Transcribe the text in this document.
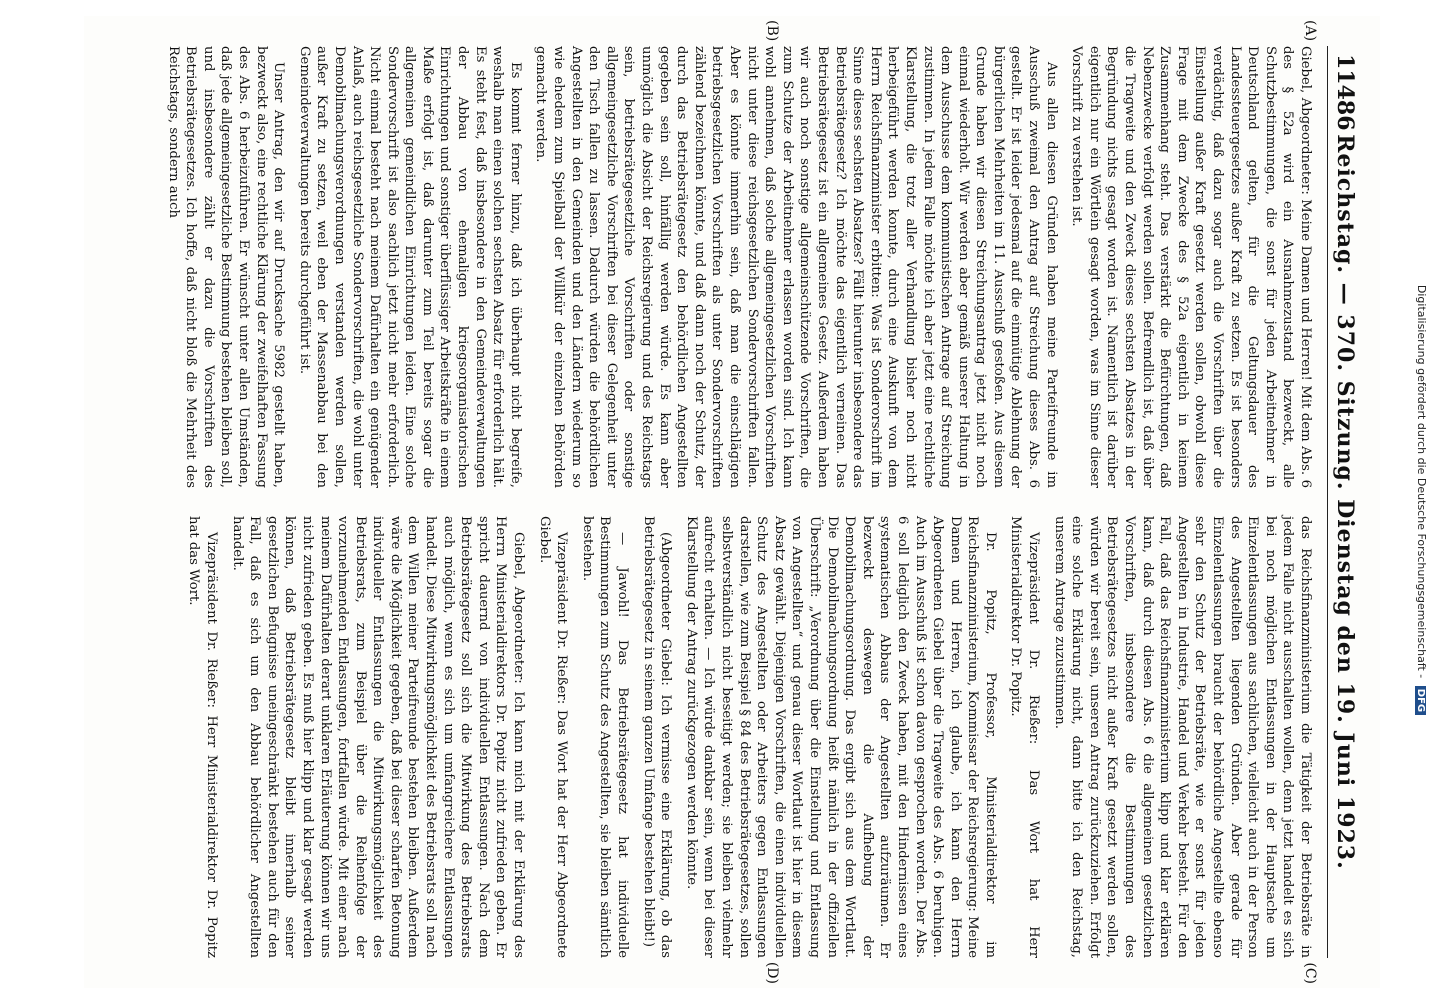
11486
Reichstag. — 370. Sitzung. Dienstag den 19. Juni 1923.
(A)
(B)
(C)
(D)

Giebel, Abgeordneter: Meine Damen und Herren! Mit dem Abs. 6 des § 52a wird ein Ausnahmezustand bezweckt, alle Schutzbestimmungen, die sonst für jeden Arbeitnehmer in Deutschland gelten, für die Geltungsdauer des Landessteuergesetzes außer Kraft zu setzen. Es ist besonders verdächtig, daß dazu sogar auch die Vorschriften über die Einstellung außer Kraft gesetzt werden sollen, obwohl diese Frage mit dem Zwecke des § 52a eigentlich in keinem Zusammenhang steht. Das verstärkt die Befürchtungen, daß Nebenzwecke verfolgt werden sollen. Befremdlich ist, daß über die Tragweite und den Zweck dieses sechsten Absatzes in der Begründung nichts gesagt worden ist. Namentlich ist darüber eigentlich nur ein Wörtlein gesagt worden, was im Sinne dieser Vorschrift zu verstehen ist.

Aus allen diesen Gründen haben meine Parteifreunde im Ausschuß zweimal den Antrag auf Streichung dieses Abs. 6 gestellt. Er ist leider jedesmal auf die einmütige Ablehnung der bürgerlichen Mehrheiten im 11. Ausschuß gestoßen. Aus diesem Grunde haben wir diesen Streichungsantrag jetzt nicht noch einmal wiederholt. Wir werden aber gemäß unserer Haltung in dem Ausschusse dem kommunistischen Antrage auf Streichung zustimmen. In jedem Falle möchte ich aber jetzt eine rechtliche Klarstellung, die trotz aller Verhandlung bisher noch nicht herbeigeführt werden konnte, durch eine Auskunft von dem Herrn Reichsfinanzminister erbitten: Was ist Sonderorschrift im Sinne dieses sechsten Absatzes? Fällt hierunter insbesondere das Betriebsrätegesetz? Ich möchte das eigentlich verneinen. Das Betriebsrätegesetz ist ein allgemeines Gesetz. Außerdem haben wir auch noch sonstige allgemeinschützende Vorschriften, die zum Schutze der Arbeitnehmer erlassen worden sind. Ich kann wohl annehmen, daß solche allgemeingesetzlichen Vorschriften nicht unter diese reichsgesetzlichen Sondervorschriften fallen. Aber es könnte immerhin sein, daß man die einschlägigen betriebsgesetzlichen Vorschriften als unter Sondervorschriften zählend bezeichnen könnte, und daß dann noch der Schutz, der durch das Betriebsrätegesetz den behördlichen Angestellten gegeben sein soll, hinfällig werden würde. Es kann aber unmöglich die Absicht der Reichsregierung und des Reichstags sein, betriebsrätegesetzliche Vorschriften oder sonstige allgemeingesetzliche Vorschriften bei dieser Gelegenheit unter den Tisch fallen zu lassen. Dadurch würden die behördlichen Angestellten in den Gemeinden und den Ländern wiederum so wie ehedem zum Spielball der Willkür der einzelnen Behörden gemacht werden.

Es kommt ferner hinzu, daß ich überhaupt nicht begreife, weshalb man einen solchen sechsten Absatz für erforderlich hält. Es steht fest, daß insbesondere in den Gemeindeverwaltungen der Abbau von ehemaligen kriegsorganisatorischen Einrichtungen und sonstiger überflüssiger Arbeitskräfte in einem Maße erfolgt ist, daß darunter zum Teil bereits sogar die allgemeinen gemeindlichen Einrichtungen leiden. Eine solche Sondervorschrift ist also sachlich jetzt nicht mehr erforderlich. Nicht einmal besteht nach meinem Dafürhalten ein genügender Anlaß, auch reichsgesetzliche Sondervorschriften, die wohl unter Demobilmachungsverordnungen verstanden werden sollen, außer Kraft zu setzen, weil eben der Massenabbau bei den Gemeindeverwaltungen bereits durchgeführt ist.

Unser Antrag, den wir auf Drucksache 5982 gestellt haben, bezweckt also, eine rechtliche Klärung der zweifelhaften Fassung des Abs. 6 herbeizuführen. Er wünscht unter allen Umständen, daß jede allgemeingesetzliche Bestimmung bestehen bleiben soll, und insbesondere zählt er dazu die Vorschriften des Betriebsrätegesetzes. Ich hoffe, daß nicht bloß die Mehrheit des Reichstags, sondern auch

das Reichsfinanzministerium die Tätigkeit der Betriebsräte in jedem Falle nicht ausschalten wollen, denn jetzt handelt es sich bei noch möglichen Entlassungen in der Hauptsache um Einzelentlassungen aus sachlichen, vielleicht auch in der Person des Angestellten liegenden Gründen. Aber gerade für Einzelentlassungen braucht der behördliche Angestellte ebenso sehr den Schutz der Betriebsräte, wie er sonst für jeden Angestellten in Industrie, Handel und Verkehr besteht. Für den Fall, daß das Reichsfinanzministerium klipp und klar erklären kann, daß durch diesen Abs. 6 die allgemeinen gesetzlichen Vorschriften, insbesondere die Bestimmungen des Betriebsrätegesetzes nicht außer Kraft gesetzt werden sollen, würden wir bereit sein, unseren Antrag zurückzuziehen. Erfolgt eine solche Erklärung nicht, dann bitte ich den Reichstag, unserem Antrage zuzustimmen.

Vizepräsident Dr. Rießer: Das Wort hat Herr Ministerialdirektor Dr. Popitz.

Dr. Popitz, Professor, Ministerialdirektor im Reichsfinanzministerium, Kommissar der Reichsregierung: Meine Damen und Herren, ich glaube, ich kann den Herrn Abgeordneten Giebel über die Tragweite des Abs. 6 beruhigen. Auch im Ausschuß ist schon davon gesprochen worden. Der Abs. 6 soll lediglich den Zweck haben, mit den Hindernissen eines systematischen Abbaus der Angestellten aufzuräumen. Er bezweckt deswegen die Aufhebung der Demobilmachungsordnung. Das ergibt sich aus dem Wortlaut. Die Demobilmachungsordnung heißt nämlich in der offiziellen Überschrift: „Verordnung über die Einstellung und Entlassung von Angestellten“ und genau dieser Wortlaut ist hier in diesem Absatz gewählt. Diejenigen Vorschriften, die einen individuellen Schutz des Angestellten oder Arbeiters gegen Entlassungen darstellen, wie zum Beispiel § 84 des Betriebsrätegesetzes, sollen selbstverständlich nicht beseitigt werden; sie bleiben vielmehr aufrecht erhalten. — Ich würde dankbar sein, wenn bei dieser Klarstellung der Antrag zurückgezogen werden könnte.

(Abgeordneter Giebel: Ich vermisse eine Erklärung, ob das Betriebsrätegesetz in seinem ganzen Umfange bestehen bleibt!)

— Jawohl! Das Betriebsrätegesetz hat individuelle Bestimmungen zum Schutz des Angestellten, sie bleiben sämtlich bestehen.

Vizepräsident Dr. Rießer: Das Wort hat der Herr Abgeordnete Giebel.

Giebel, Abgeordneter: Ich kann mich mit der Erklärung des Herrn Ministerialdirektors Dr. Popitz nicht zufrieden geben. Er spricht dauernd von individuellen Entlassungen. Nach dem Betriebsrätegesetz soll sich die Mitwirkung des Betriebsrats auch möglich, wenn es sich um umfangreichere Entlassungen handelt. Diese Mitwirkungsmöglichkeit des Betriebsrats soll nach dem Willen meiner Parteifreunde bestehen bleiben. Außerdem wäre die Möglichkeit gegeben, daß bei dieser scharfen Betonung individueller Entlassungen die Mitwirkungsmöglichkeit des Betriebsrats, zum Beispiel über die Reihenfolge der vorzunehmenden Entlassungen, fortfallen würde. Mit einer nach meinem Dafürhalten derart unklaren Erläuterung können wir uns nicht zufrieden geben. Es muß hier klipp und klar gesagt werden können, daß Betriebsrätegesetz bleibt innerhalb seiner gesetzlichen Befugnisse uneingeschränkt bestehen auch für den Fall, daß es sich um den Abbau behördlicher Angestellten handelt.

Vizepräsident Dr. Rießer: Herr Ministerialdirektor Dr. Popitz hat das Wort.	Digitalisierung gefördert durch die Deutsche Forschungsgemeinschaft - DFG
